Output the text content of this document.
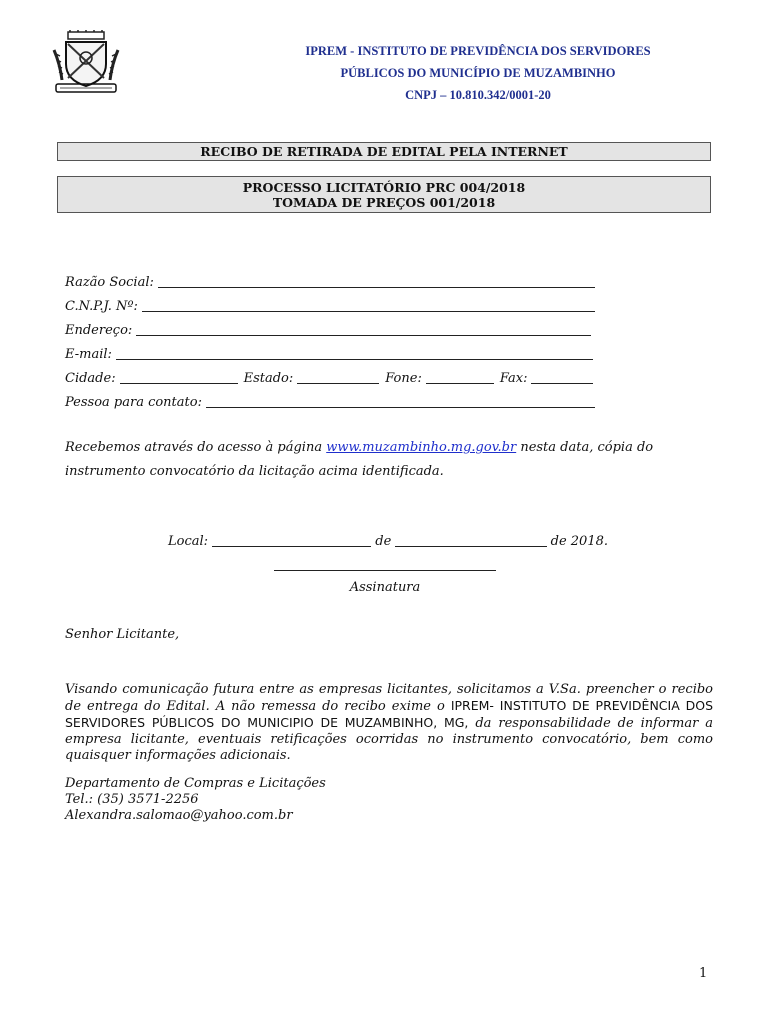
IPREM - INSTITUTO DE PREVIDÊNCIA DOS SERVIDORES
PÚBLICOS DO MUNICÍPIO DE MUZAMBINHO
CNPJ – 10.810.342/0001-20
RECIBO DE RETIRADA DE EDITAL PELA INTERNET
PROCESSO LICITATÓRIO PRC 004/2018
TOMADA DE PREÇOS 001/2018
Razão Social:
C.N.P.J. Nº:
Endereço:
E-mail:
Cidade:	Estado:	Fone:	Fax:
Pessoa para contato:
Recebemos através do acesso à página www.muzambinho.mg.gov.br nesta data, cópia do instrumento convocatório da licitação acima identificada.
Local:	de	de 2018.
Assinatura
Senhor Licitante,
Visando comunicação futura entre as empresas licitantes, solicitamos a V.Sa. preencher o recibo de entrega do Edital. A não remessa do recibo exime o IPREM- INSTITUTO DE PREVIDÊNCIA DOS SERVIDORES PÚBLICOS DO MUNICIPIO DE MUZAMBINHO, MG, da responsabilidade de informar a empresa licitante, eventuais retificações ocorridas no instrumento convocatório, bem como quaisquer informações adicionais.
Departamento de Compras e Licitações
Tel.: (35) 3571-2256
Alexandra.salomao@yahoo.com.br
1
